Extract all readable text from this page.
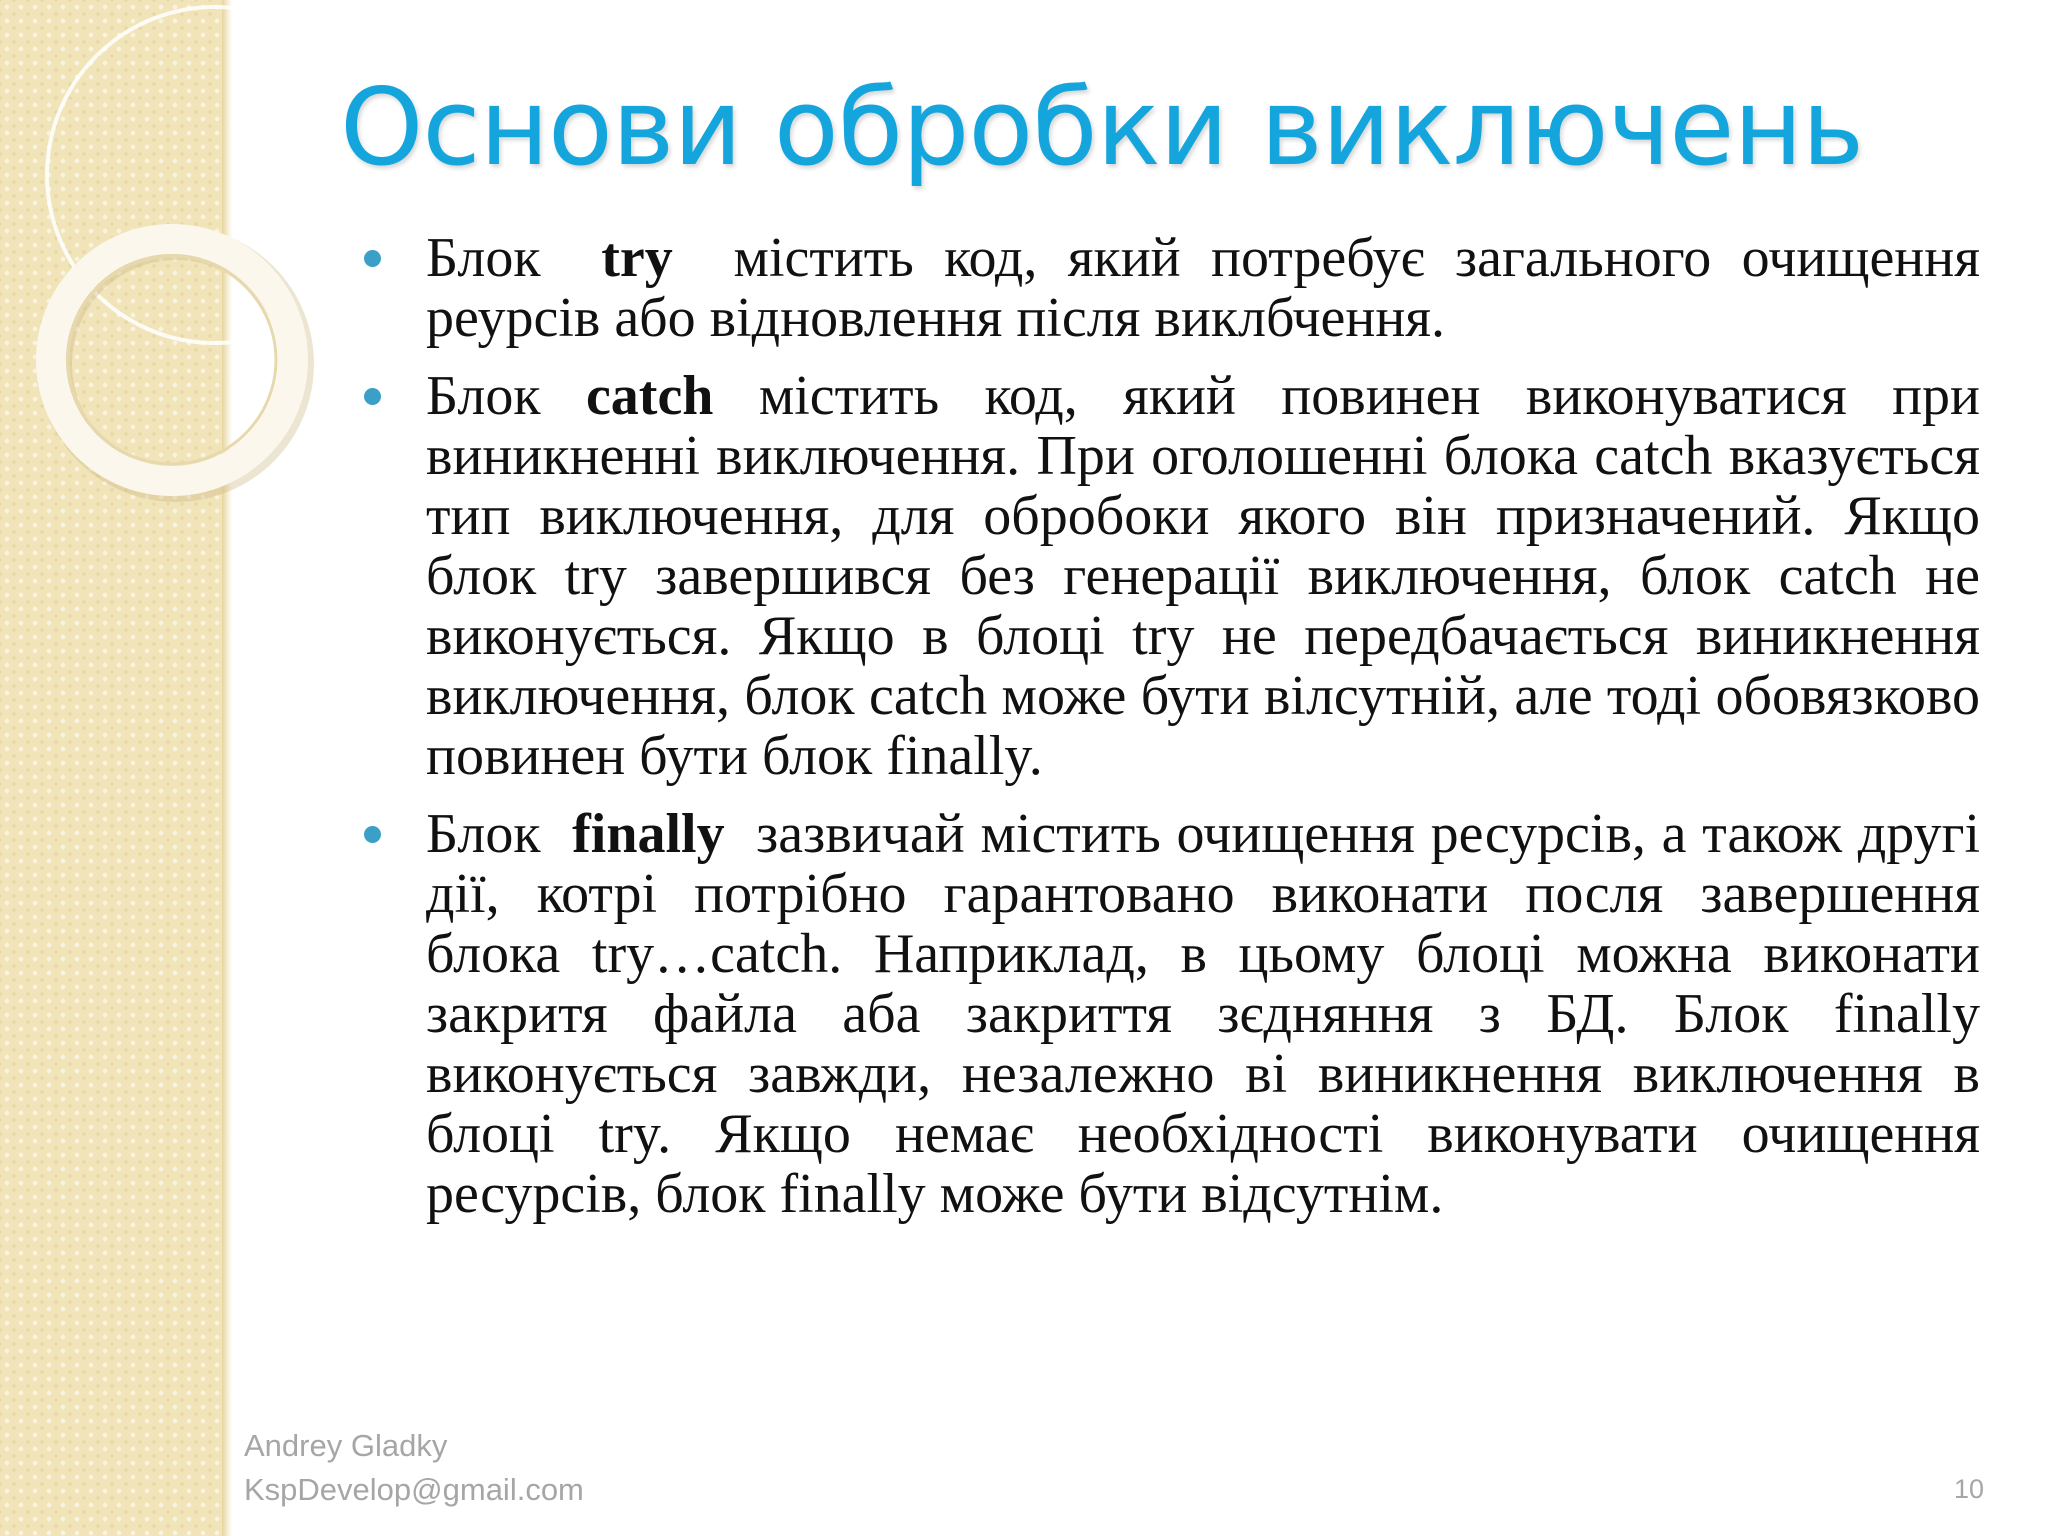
Основи обробки виключень
Блок try містить код, який потребує загального очищення реурсів або відновлення після виклбчення.
Блок catch містить код, який повинен виконуватися при виникненні виключення. При оголошенні блока catch вказується тип виключення, для обробоки якого він призначений. Якщо блок try завершився без генерації виключення, блок catch не виконується. Якщо в блоці try не передбачається виникнення виключення, блок catch може бути вілсутній, але тоді обовязково повинен бути блок finally.
Блок finally зазвичай містить очищення ресурсів, а також другі дії, котрі потрібно гарантовано виконати посля завершення блока try…catch. Наприклад, в цьому блоці можна виконати закритя файла аба закриття зєдняння з БД. Блок finally виконується завжди, незалежно ві виникнення виключення в блоці try. Якщо немає необхідності виконувати очищення ресурсів, блок finally може бути відсутнім.
Andrey Gladky
KspDevelop@gmail.com	10
